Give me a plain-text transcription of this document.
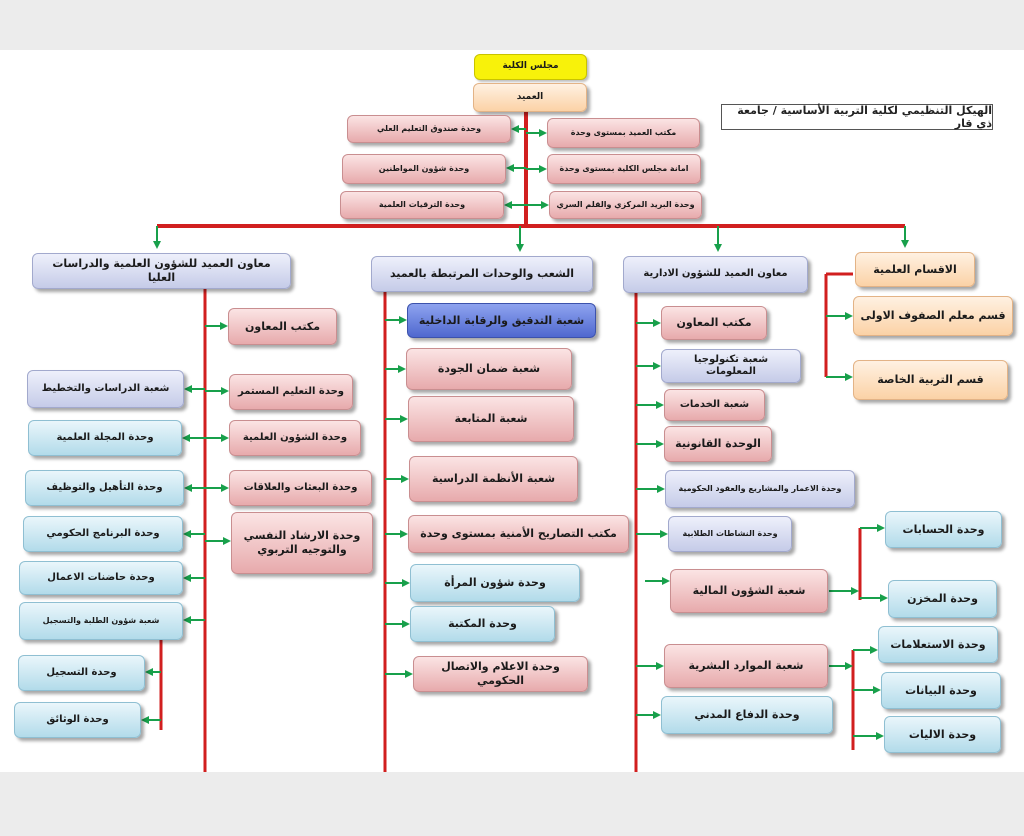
الهيكل التنظيمي لكلية التربية الأساسية / جامعة ذي قار
مجلس الكلية
العميد
وحدة صندوق التعليم العلي
وحدة شؤون المواطنين
وحدة الترقيات العلمية
مكتب العميد بمستوى وحدة
امانة مجلس الكلية بمستوى وحدة
وحدة البريد المركزي والقلم السري
معاون العميد للشؤون العلمية والدراسات العليا	الشعب والوحدات المرتبطة بالعميد	معاون العميد للشؤون الادارية	الاقسام العلمية
قسم معلم الصفوف الاولى
قسم التربية الخاصة
مكتب المعاون
وحدة التعليم المستمر
وحدة الشؤون العلمية
وحدة البعثات والعلاقات
وحدة الارشاد النفسي والتوجيه التربوي
شعبة الدراسات والتخطيط
وحدة المجلة العلمية
وحدة التأهيل والتوظيف
وحدة البرنامج الحكومي
وحدة حاضنات الاعمال
شعبة شؤون الطلبة والتسجيل
وحدة التسجيل
وحدة الوثائق
شعبة التدقيق والرقابة الداخلية
شعبة ضمان الجودة
شعبة المتابعة
شعبة الأنظمة الدراسية
مكتب التصاريح الأمنية بمستوى وحدة
وحدة شؤون المرأة
وحدة المكتبة
وحدة الاعلام والاتصال الحكومي
مكتب المعاون
شعبة تكنولوجيا المعلومات
شعبة الخدمات
الوحدة القانونية
وحدة الاعمار والمشاريع والعقود الحكومية
وحدة النشاطات الطلابية
شعبة الشؤون المالية
شعبة الموارد البشرية
وحدة الدفاع المدني
وحدة الحسابات
وحدة المخزن
وحدة الاستعلامات
وحدة البيانات
وحدة الاليات
